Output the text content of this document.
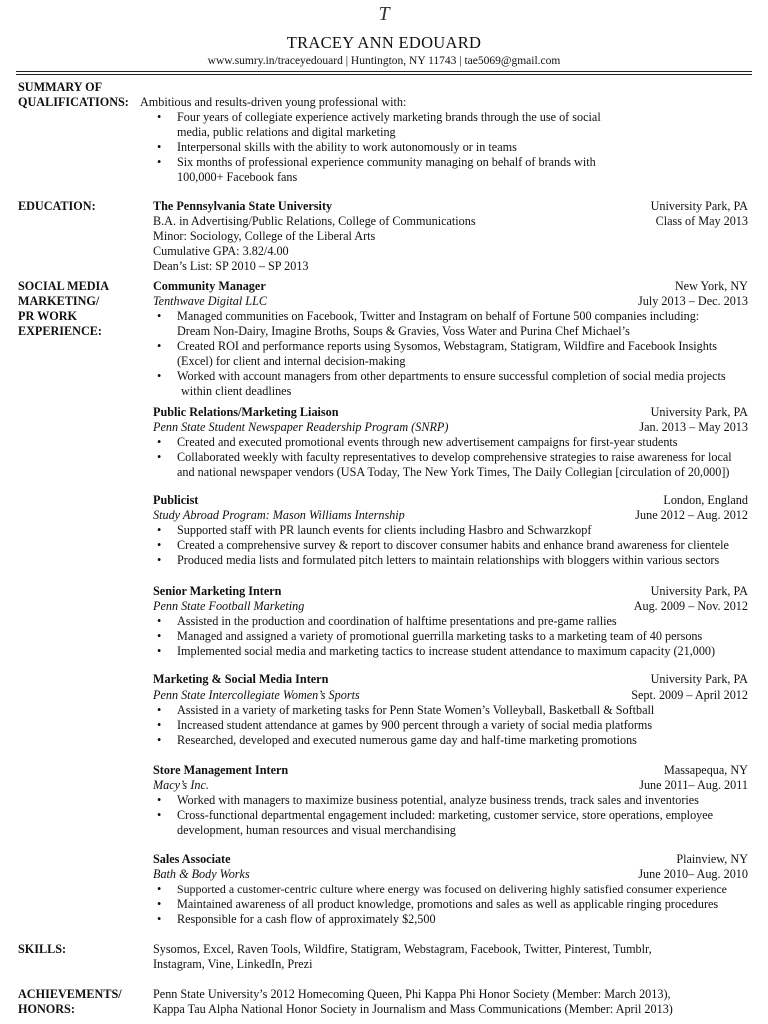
T
TRACEY ANN EDOUARD
www.sumry.in/traceyedouard | Huntington, NY 11743 | tae5069@gmail.com
SUMMARY OF
QUALIFICATIONS: Ambitious and results-driven young professional with:
• Four years of collegiate experience actively marketing brands through the use of social
media, public relations and digital marketing
• Interpersonal skills with the ability to work autonomously or in teams
• Six months of professional experience community managing on behalf of brands with
100,000+ Facebook fans
EDUCATION:	The Pennsylvania State University	University Park, PA
B.A. in Advertising/Public Relations, College of Communications	Class of May 2013
Minor: Sociology, College of the Liberal Arts
Cumulative GPA: 3.82/4.00
Dean’s List: SP 2010 – SP 2013
SOCIAL MEDIA
MARKETING/
PR WORK
EXPERIENCE:
Community Manager	New York, NY
Tenthwave Digital LLC	July 2013 – Dec. 2013
• Managed communities on Facebook, Twitter and Instagram on behalf of Fortune 500 companies including:
Dream Non-Dairy, Imagine Broths, Soups & Gravies, Voss Water and Purina Chef Michael’s
• Created ROI and performance reports using Sysomos, Webstagram, Statigram, Wildfire and Facebook Insights
(Excel) for client and internal decision-making
• Worked with account managers from other departments to ensure successful completion of social media projects
within client deadlines
Public Relations/Marketing Liaison	University Park, PA
Penn State Student Newspaper Readership Program (SNRP)	Jan. 2013 – May 2013
• Created and executed promotional events through new advertisement campaigns for first-year students
• Collaborated weekly with faculty representatives to develop comprehensive strategies to raise awareness for local
and national newspaper vendors (USA Today, The New York Times, The Daily Collegian [circulation of 20,000])
Publicist	London, England
Study Abroad Program: Mason Williams Internship	June 2012 – Aug. 2012
• Supported staff with PR launch events for clients including Hasbro and Schwarzkopf
• Created a comprehensive survey & report to discover consumer habits and enhance brand awareness for clientele
• Produced media lists and formulated pitch letters to maintain relationships with bloggers within various sectors
Senior Marketing Intern	University Park, PA
Penn State Football Marketing	Aug. 2009 – Nov. 2012
• Assisted in the production and coordination of halftime presentations and pre-game rallies
• Managed and assigned a variety of promotional guerrilla marketing tasks to a marketing team of 40 persons
• Implemented social media and marketing tactics to increase student attendance to maximum capacity (21,000)
Marketing & Social Media Intern	University Park, PA
Penn State Intercollegiate Women’s Sports	Sept. 2009 – April 2012
• Assisted in a variety of marketing tasks for Penn State Women’s Volleyball, Basketball & Softball
• Increased student attendance at games by 900 percent through a variety of social media platforms
• Researched, developed and executed numerous game day and half-time marketing promotions
Store Management Intern	Massapequa, NY
Macy’s Inc.	June 2011– Aug. 2011
• Worked with managers to maximize business potential, analyze business trends, track sales and inventories
• Cross-functional departmental engagement included: marketing, customer service, store operations, employee
development, human resources and visual merchandising
Sales Associate	Plainview, NY
Bath & Body Works	June 2010– Aug. 2010
• Supported a customer-centric culture where energy was focused on delivering highly satisfied consumer experience
• Maintained awareness of all product knowledge, promotions and sales as well as applicable ringing procedures
• Responsible for a cash flow of approximately $2,500
SKILLS:	Sysomos, Excel, Raven Tools, Wildfire, Statigram, Webstagram, Facebook, Twitter, Pinterest, Tumblr,
Instagram, Vine, LinkedIn, Prezi
ACHIEVEMENTS/
HONORS:
Penn State University’s 2012 Homecoming Queen, Phi Kappa Phi Honor Society (Member: March 2013),
Kappa Tau Alpha National Honor Society in Journalism and Mass Communications (Member: April 2013)
